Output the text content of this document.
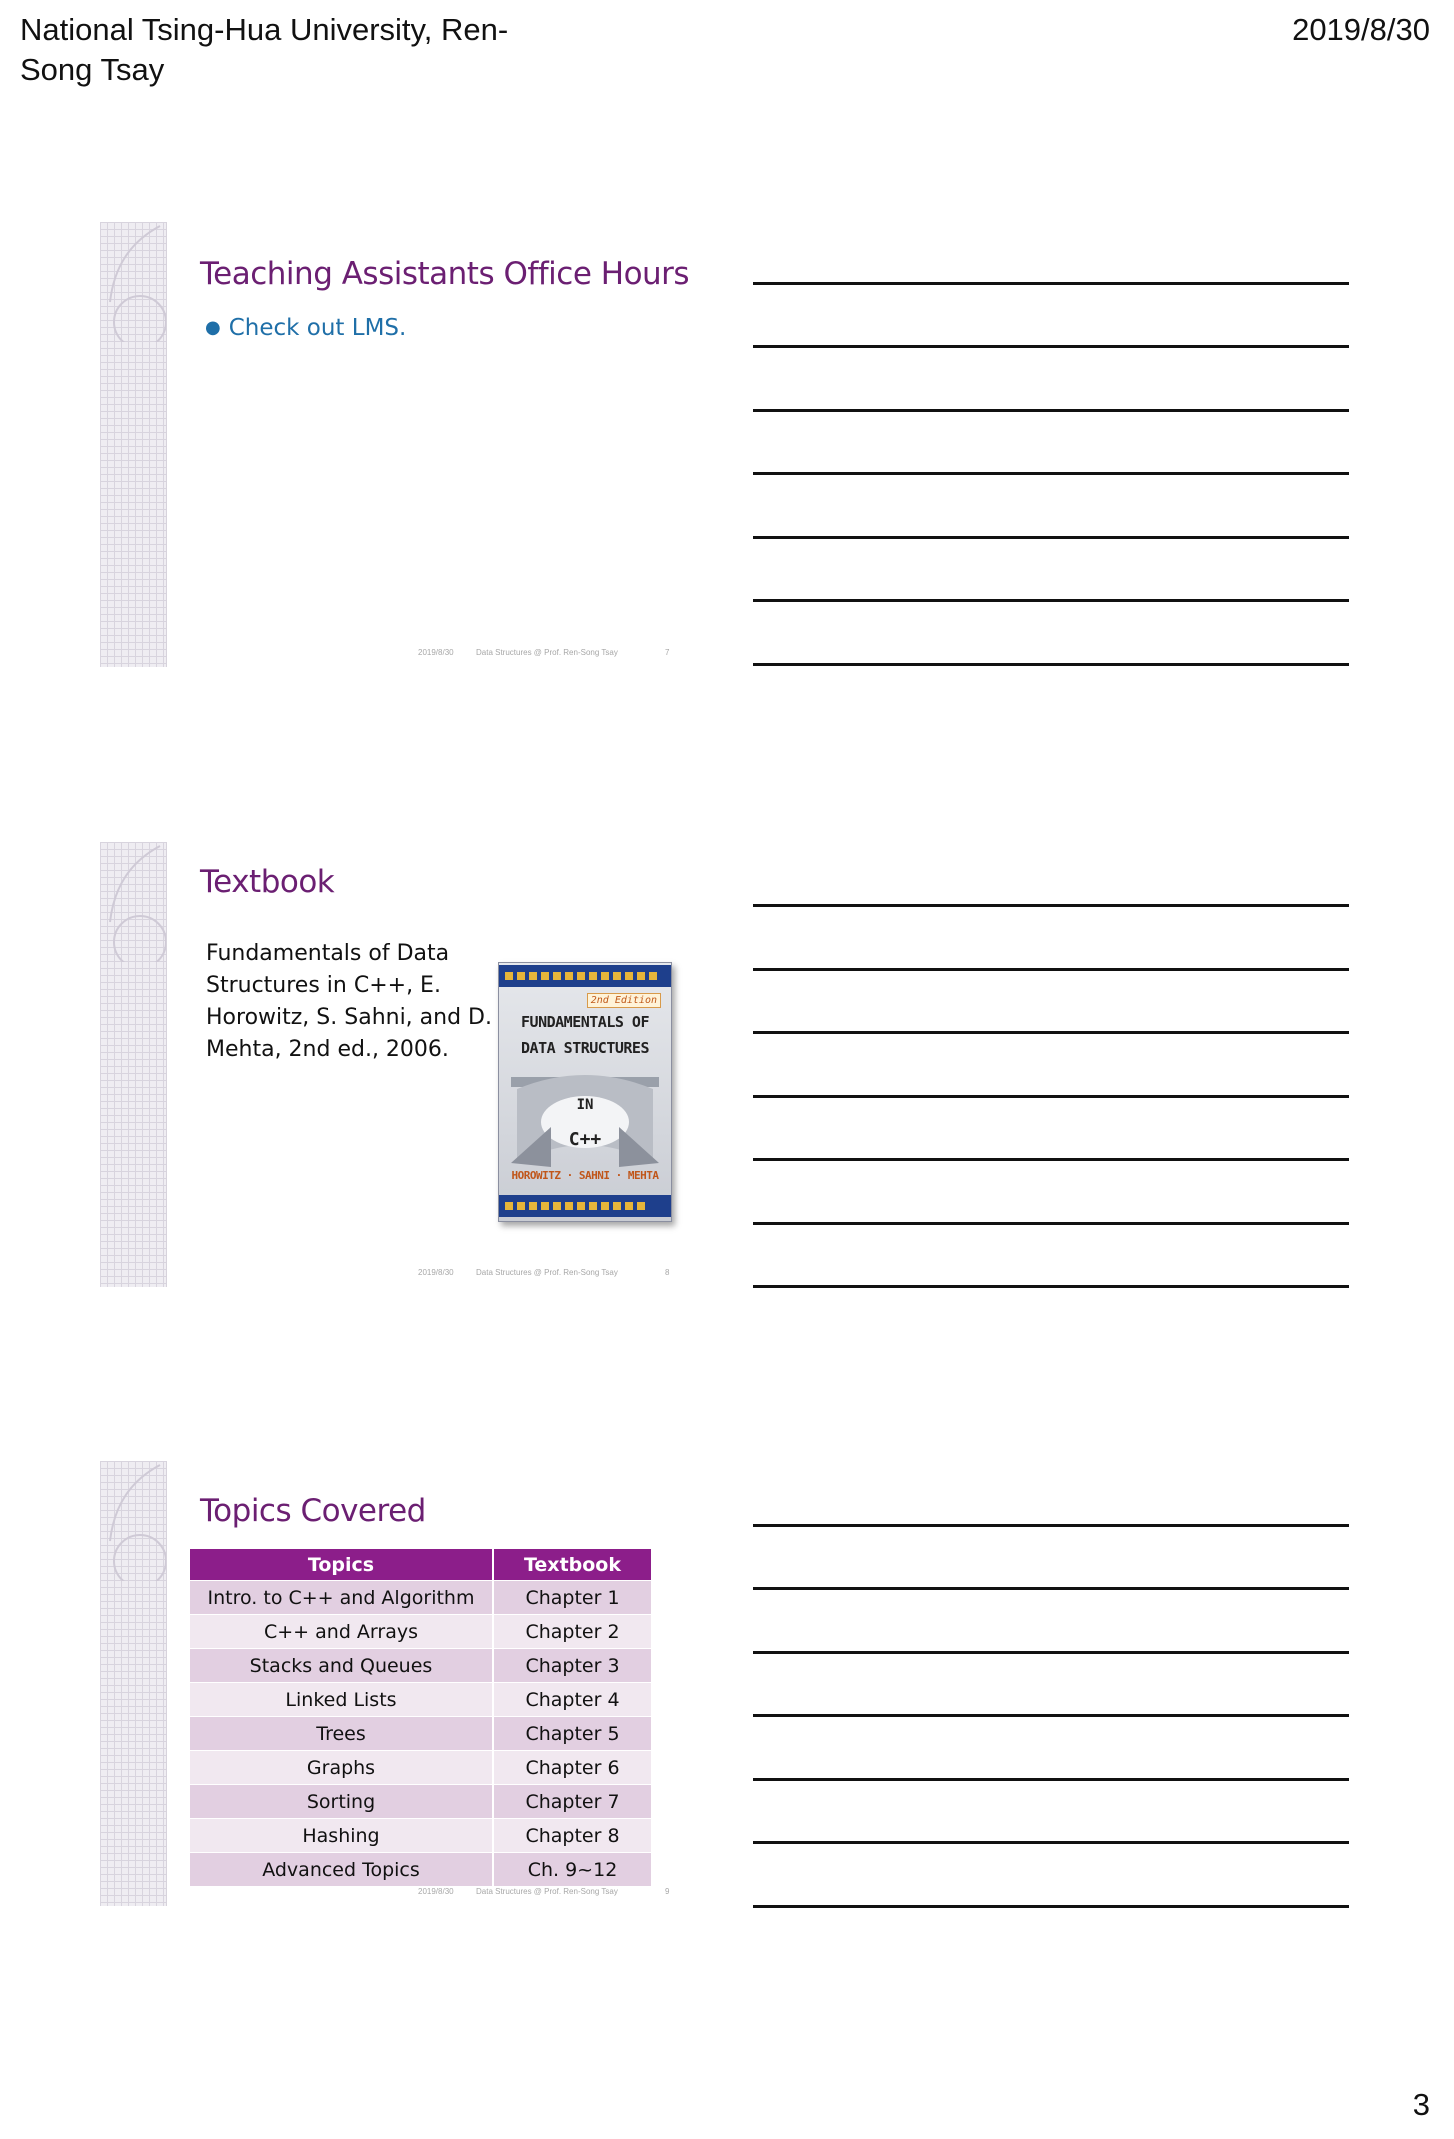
National Tsing-Hua University, Ren-Song Tsay
2019/8/30
Teaching Assistants Office Hours
● Check out LMS.
2019/8/30	Data Structures @ Prof. Ren-Song Tsay	7
Textbook
Fundamentals of Data Structures in C++, E. Horowitz, S. Sahni, and D. Mehta, 2nd ed., 2006.
2nd Edition
FUNDAMENTALS OF
DATA STRUCTURES
IN
C++
HOROWITZ · SAHNI · MEHTA
2019/8/30	Data Structures @ Prof. Ren-Song Tsay	8
Topics Covered
Topics	Textbook
Intro. to C++ and Algorithm	Chapter 1
C++ and Arrays	Chapter 2
Stacks and Queues	Chapter 3
Linked Lists	Chapter 4
Trees	Chapter 5
Graphs	Chapter 6
Sorting	Chapter 7
Hashing	Chapter 8
Advanced Topics	Ch. 9~12
2019/8/30	Data Structures @ Prof. Ren-Song Tsay	9
3
